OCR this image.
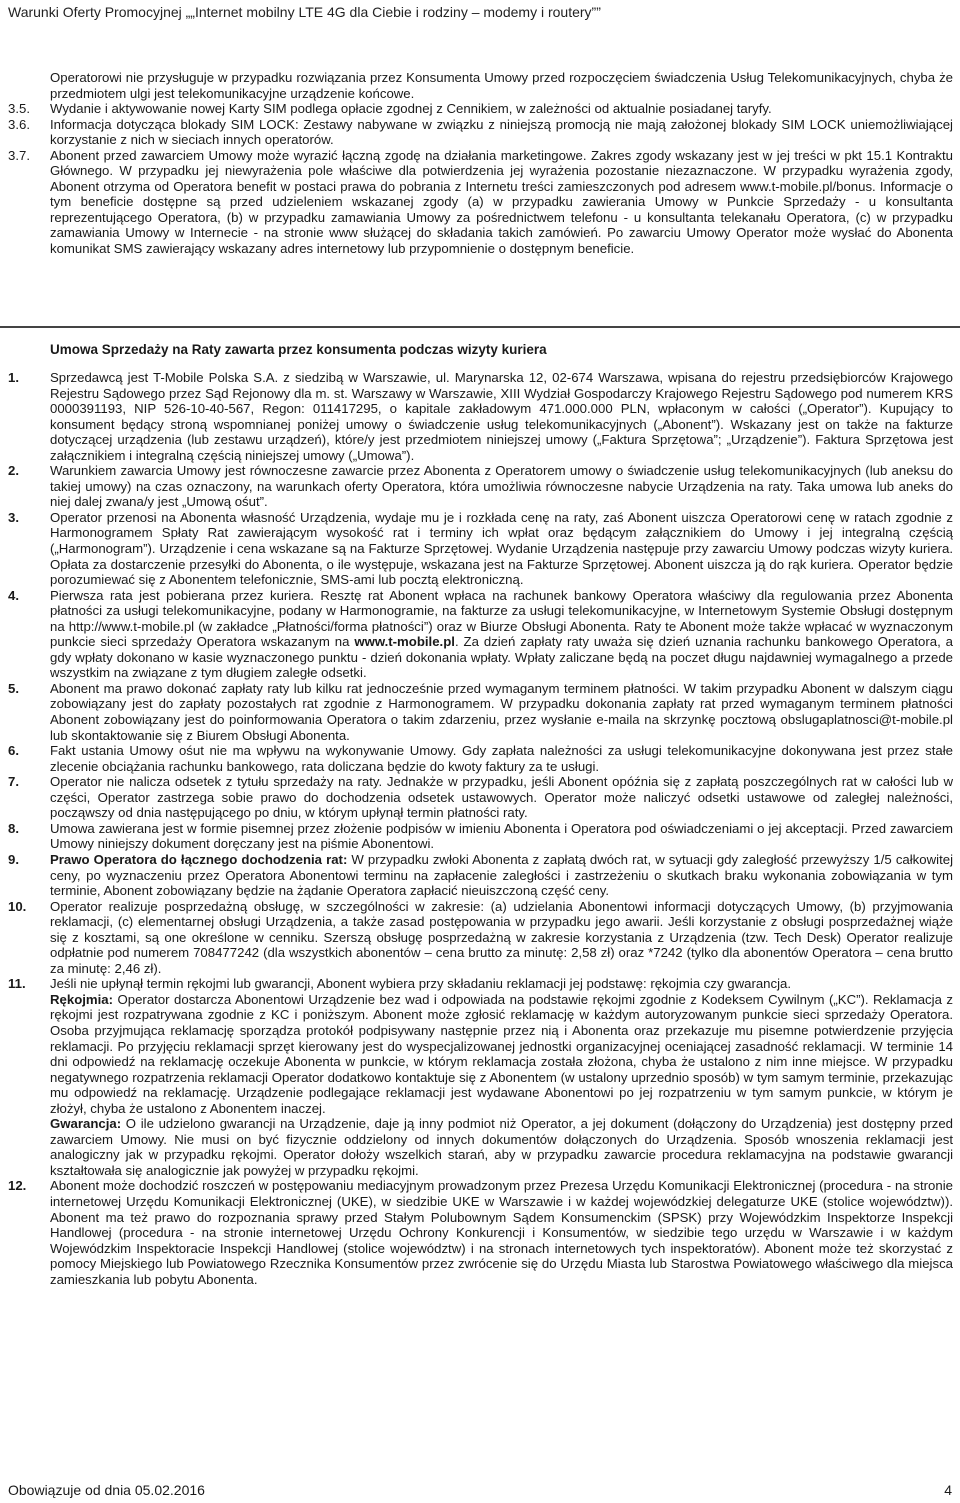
Warunki Oferty Promocyjnej „„Internet mobilny LTE 4G dla Ciebie i rodziny – modemy i routery””
Operatorowi nie przysługuje w przypadku rozwiązania przez Konsumenta Umowy przed rozpoczęciem świadczenia Usług Telekomunikacyjnych, chyba że przedmiotem ulgi jest telekomunikacyjne urządzenie końcowe.
3.5. Wydanie i aktywowanie nowej Karty SIM podlega opłacie zgodnej z Cennikiem, w zależności od aktualnie posiadanej taryfy.
3.6. Informacja dotycząca blokady SIM LOCK: Zestawy nabywane w związku z niniejszą promocją nie mają założonej blokady SIM LOCK uniemożliwiającej korzystanie z nich w sieciach innych operatorów.
3.7. Abonent przed zawarciem Umowy może wyrazić łączną zgodę na działania marketingowe. Zakres zgody wskazany jest w jej treści w pkt 15.1 Kontraktu Głównego. W przypadku jej niewyrażenia pole właściwe dla potwierdzenia jej wyrażenia pozostanie niezaznaczone. W przypadku wyrażenia zgody, Abonent otrzyma od Operatora benefit w postaci prawa do pobrania z Internetu treści zamieszczonych pod adresem www.t-mobile.pl/bonus. Informacje o tym beneficie dostępne są przed udzieleniem wskazanej zgody (a) w przypadku zawierania Umowy w Punkcie Sprzedaży - u konsultanta reprezentującego Operatora, (b) w przypadku zamawiania Umowy za pośrednictwem telefonu - u konsultanta telekanału Operatora, (c) w przypadku zamawiania Umowy w Internecie - na stronie www służącej do składania takich zamówień. Po zawarciu Umowy Operator może wysłać do Abonenta komunikat SMS zawierający wskazany adres internetowy lub przypomnienie o dostępnym beneficie.
Umowa Sprzedaży na Raty zawarta przez konsumenta podczas wizyty kuriera
1. Sprzedawcą jest T-Mobile Polska S.A. z siedzibą w Warszawie, ul. Marynarska 12, 02-674 Warszawa, wpisana do rejestru przedsiębiorców Krajowego Rejestru Sądowego przez Sąd Rejonowy dla m. st. Warszawy w Warszawie, XIII Wydział Gospodarczy Krajowego Rejestru Sądowego pod numerem KRS 0000391193, NIP 526-10-40-567, Regon: 011417295, o kapitale zakładowym 471.000.000 PLN, wpłaconym w całości („Operator”). Kupujący to konsument będący stroną wspomnianej poniżej umowy o świadczenie usług telekomunikacyjnych („Abonent”). Wskazany jest on także na fakturze dotyczącej urządzenia (lub zestawu urządzeń), które/y jest przedmiotem niniejszej umowy („Faktura Sprzętowa”; „Urządzenie”). Faktura Sprzętowa jest załącznikiem i integralną częścią niniejszej umowy („Umowa”).
2. Warunkiem zawarcia Umowy jest równoczesne zawarcie przez Abonenta z Operatorem umowy o świadczenie usług telekomunikacyjnych (lub aneksu do takiej umowy) na czas oznaczony, na warunkach oferty Operatora, która umożliwia równoczesne nabycie Urządzenia na raty. Taka umowa lub aneks do niej dalej zwana/y jest „Umową ośut”.
3. Operator przenosi na Abonenta własność Urządzenia, wydaje mu je i rozkłada cenę na raty, zaś Abonent uiszcza Operatorowi cenę w ratach zgodnie z Harmonogramem Spłaty Rat zawierającym wysokość rat i terminy ich wpłat oraz będącym załącznikiem do Umowy i jej integralną częścią („Harmonogram”). Urządzenie i cena wskazane są na Fakturze Sprzętowej. Wydanie Urządzenia następuje przy zawarciu Umowy podczas wizyty kuriera. Opłata za dostarczenie przesyłki do Abonenta, o ile występuje, wskazana jest na Fakturze Sprzętowej. Abonent uiszcza ją do rąk kuriera. Operator będzie porozumiewać się z Abonentem telefonicznie, SMS-ami lub pocztą elektroniczną.
4. Pierwsza rata jest pobierana przez kuriera. Resztę rat Abonent wpłaca na rachunek bankowy Operatora właściwy dla regulowania przez Abonenta płatności za usługi telekomunikacyjne, podany w Harmonogramie, na fakturze za usługi telekomunikacyjne, w Internetowym Systemie Obsługi dostępnym na http://www.t-mobile.pl (w zakładce „Płatności/forma płatności”) oraz w Biurze Obsługi Abonenta. Raty te Abonent może także wpłacać w wyznaczonym punkcie sieci sprzedaży Operatora wskazanym na www.t-mobile.pl. Za dzień zapłaty raty uważa się dzień uznania rachunku bankowego Operatora, a gdy wpłaty dokonano w kasie wyznaczonego punktu - dzień dokonania wpłaty. Wpłaty zaliczane będą na poczet długu najdawniej wymagalnego a przede wszystkim na związane z tym długiem zaległe odsetki.
5. Abonent ma prawo dokonać zapłaty raty lub kilku rat jednocześnie przed wymaganym terminem płatności. W takim przypadku Abonent w dalszym ciągu zobowiązany jest do zapłaty pozostałych rat zgodnie z Harmonogramem. W przypadku dokonania zapłaty rat przed wymaganym terminem płatności Abonent zobowiązany jest do poinformowania Operatora o takim zdarzeniu, przez wysłanie e-maila na skrzynkę pocztową obslugaplatnosci@t-mobile.pl lub skontaktowanie się z Biurem Obsługi Abonenta.
6. Fakt ustania Umowy ośut nie ma wpływu na wykonywanie Umowy. Gdy zapłata należności za usługi telekomunikacyjne dokonywana jest przez stałe zlecenie obciążania rachunku bankowego, rata doliczana będzie do kwoty faktury za te usługi.
7. Operator nie nalicza odsetek z tytułu sprzedaży na raty. Jednakże w przypadku, jeśli Abonent opóźnia się z zapłatą poszczególnych rat w całości lub w części, Operator zastrzega sobie prawo do dochodzenia odsetek ustawowych. Operator może naliczyć odsetki ustawowe od zaległej należności, począwszy od dnia następującego po dniu, w którym upłynął termin płatności raty.
8. Umowa zawierana jest w formie pisemnej przez złożenie podpisów w imieniu Abonenta i Operatora pod oświadczeniami o jej akceptacji. Przed zawarciem Umowy niniejszy dokument doręczany jest na piśmie Abonentowi.
9. Prawo Operatora do łącznego dochodzenia rat: W przypadku zwłoki Abonenta z zapłatą dwóch rat, w sytuacji gdy zaległość przewyższy 1/5 całkowitej ceny, po wyznaczeniu przez Operatora Abonentowi terminu na zapłacenie zaległości i zastrzeżeniu o skutkach braku wykonania zobowiązania w tym terminie, Abonent zobowiązany będzie na żądanie Operatora zapłacić nieuiszczoną część ceny.
10. Operator realizuje posprzedażną obsługę, w szczególności w zakresie: (a) udzielania Abonentowi informacji dotyczących Umowy, (b) przyjmowania reklamacji, (c) elementarnej obsługi Urządzenia, a także zasad postępowania w przypadku jego awarii. Jeśli korzystanie z obsługi posprzedażnej wiąże się z kosztami, są one określone w cenniku. Szerszą obsługę posprzedażną w zakresie korzystania z Urządzenia (tzw. Tech Desk) Operator realizuje odpłatnie pod numerem 708477242 (dla wszystkich abonentów – cena brutto za minutę: 2,58 zł) oraz *7242 (tylko dla abonentów Operatora – cena brutto za minutę: 2,46 zł).
11. Jeśli nie upłynął termin rękojmi lub gwarancji, Abonent wybiera przy składaniu reklamacji jej podstawę: rękojmia czy gwarancja.
Rękojmia: Operator dostarcza Abonentowi Urządzenie bez wad i odpowiada na podstawie rękojmi zgodnie z Kodeksem Cywilnym („KC”). Reklamacja z rękojmi jest rozpatrywana zgodnie z KC i poniższym. Abonent może zgłosić reklamację w każdym autoryzowanym punkcie sieci sprzedaży Operatora. Osoba przyjmująca reklamację sporządza protokół podpisywany następnie przez nią i Abonenta oraz przekazuje mu pisemne potwierdzenie przyjęcia reklamacji. Po przyjęciu reklamacji sprzęt kierowany jest do wyspecjalizowanej jednostki organizacyjnej oceniającej zasadność reklamacji. W terminie 14 dni odpowiedź na reklamację oczekuje Abonenta w punkcie, w którym reklamacja została złożona, chyba że ustalono z nim inne miejsce. W przypadku negatywnego rozpatrzenia reklamacji Operator dodatkowo kontaktuje się z Abonentem (w ustalony uprzednio sposób) w tym samym terminie, przekazując mu odpowiedź na reklamację. Urządzenie podlegające reklamacji jest wydawane Abonentowi po jej rozpatrzeniu w tym samym punkcie, w którym je złożył, chyba że ustalono z Abonentem inaczej.
Gwarancja: O ile udzielono gwarancji na Urządzenie, daje ją inny podmiot niż Operator, a jej dokument (dołączony do Urządzenia) jest dostępny przed zawarciem Umowy. Nie musi on być fizycznie oddzielony od innych dokumentów dołączonych do Urządzenia. Sposób wnoszenia reklamacji jest analogiczny jak w przypadku rękojmi. Operator dołoży wszelkich starań, aby w przypadku zawarcie procedura reklamacyjna na podstawie gwarancji kształtowała się analogicznie jak powyżej w przypadku rękojmi.
12. Abonent może dochodzić roszczeń w postępowaniu mediacyjnym prowadzonym przez Prezesa Urzędu Komunikacji Elektronicznej (procedura - na stronie internetowej Urzędu Komunikacji Elektronicznej (UKE), w siedzibie UKE w Warszawie i w każdej wojewódzkiej delegaturze UKE (stolice województw)). Abonent ma też prawo do rozpoznania sprawy przed Stałym Polubownym Sądem Konsumenckim (SPSK) przy Wojewódzkim Inspektorze Inspekcji Handlowej (procedura - na stronie internetowej Urzędu Ochrony Konkurencji i Konsumentów, w siedzibie tego urzędu w Warszawie i w każdym Wojewódzkim Inspektoracie Inspekcji Handlowej (stolice województw) i na stronach internetowych tych inspektoratów). Abonent może też skorzystać z pomocy Miejskiego lub Powiatowego Rzecznika Konsumentów przez zwrócenie się do Urzędu Miasta lub Starostwa Powiatowego właściwego dla miejsca zamieszkania lub pobytu Abonenta.
Obowiązuje od dnia 05.02.2016	4
